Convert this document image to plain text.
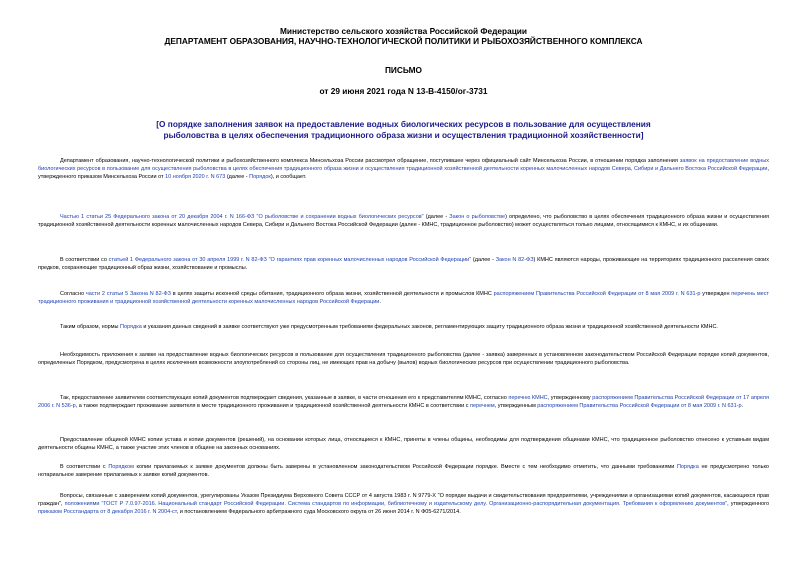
Министерство сельского хозяйства Российской Федерации
ДЕПАРТАМЕНТ ОБРАЗОВАНИЯ, НАУЧНО-ТЕХНОЛОГИЧЕСКОЙ ПОЛИТИКИ И РЫБОХОЗЯЙСТВЕННОГО КОМПЛЕКСА
ПИСЬМО
от 29 июня 2021 года N 13-В-4150/ог-3731
[О порядке заполнения заявок на предоставление водных биологических ресурсов в пользование для осуществления рыболовства в целях обеспечения традиционного образа жизни и осуществления традиционной хозяйственности]

Департамент образования, научно-технологической политики и рыбохозяйственного комплекса Минсельхоза России рассмотрел обращение, поступившее через официальный сайт Минсельхоза России, в отношении порядка заполнения заявок на предоставление водных биологических ресурсов в пользование для осуществления рыболовства в целях обеспечения традиционного образа жизни и осуществления традиционной хозяйственной деятельности коренных малочисленных народов Севера, Сибири и Дальнего Востока Российской Федерации, утвержденного приказом Минсельхоза России от 10 ноября 2020 г. N 673 (далее - Порядок), и сообщает.

Частью 1 статьи 25 Федерального закона от 20 декабря 2004 г. N 166-ФЗ "О рыболовстве и сохранении водных биологических ресурсов" (далее - Закон о рыболовстве) определено, что рыболовство в целях обеспечения традиционного образа жизни и осуществления традиционной хозяйственной деятельности коренных малочисленных народов Севера, Сибири и Дальнего Востока Российской Федерации (далее - КМНС, традиционное рыболовство) может осуществляться только лицами, относящимися к КМНС, и их общинами.

В соответствии со статьей 1 Федерального закона от 30 апреля 1999 г. N 82-ФЗ "О гарантиях прав коренных малочисленных народов Российской Федерации" (далее - Закон N 82-ФЗ) КМНС являются народы, проживающие на территориях традиционного расселения своих предков, сохраняющие традиционный образ жизни, хозяйствование и промыслы.

Согласно части 2 статьи 5 Закона N 82-ФЗ в целях защиты исконной среды обитания, традиционного образа жизни, хозяйственной деятельности и промыслов КМНС распоряжением Правительства Российской Федерации от 8 мая 2009 г. N 631-р утвержден перечень мест традиционного проживания и традиционной хозяйственной деятельности коренных малочисленных народов Российской Федерации.

Таким образом, нормы Порядка и указания данных сведений в заявке соответствуют уже предусмотренным требованиям федеральных законов, регламентирующих защиту традиционного образа жизни и традиционной хозяйственной деятельности КМНС.

Необходимость приложения к заявке на предоставление водных биологических ресурсов в пользование для осуществления традиционного рыболовства (далее - заявка) заверенных в установленном законодательством Российской Федерации порядке копий документов, определенных Порядком, предусмотрена в целях исключения возможности злоупотреблений со стороны лиц, не имеющих прав на добычу (вылов) водных биологических ресурсов при осуществлении традиционного рыболовства.

Так, предоставление заявителем соответствующих копий документов подтверждает сведения, указанные в заявке, в части отношения его к представителям КМНС, согласно перечню КМНС, утвержденному распоряжением Правительства Российской Федерации от 17 апреля 2006 г. N 536-р, а также подтверждает проживание заявителя в месте традиционного проживания и традиционной хозяйственной деятельности КМНС в соответствии с перечнем, утвержденным распоряжением Правительства Российской Федерации от 8 мая 2009 г. N 631-р.

Предоставление общиной КМНС копии устава и копии документов (решений), на основании которых лица, относящиеся к КМНС, приняты в члены общины, необходимы для подтверждения общинами КМНС, что традиционное рыболовство отнесено к уставным видам деятельности общины КМНС, а также участие этих членов в общине на законных основаниях.

В соответствии с Порядком копии прилагаемых к заявке документов должны быть заверены в установленном законодательством Российской Федерации порядке. Вместе с тем необходимо отметить, что данными требованиями Порядка не предусмотрено только нотариальное заверение прилагаемых к заявке копий документов.

Вопросы, связанные с заверением копий документов, урегулированы Указом Президиума Верховного Совета СССР от 4 августа 1983 г. N 9779-X "О порядке выдачи и свидетельствования предприятиями, учреждениями и организациями копий документов, касающихся прав граждан", положениями "ГОСТ Р 7.0.97-2016. Национальный стандарт Российской Федерации. Система стандартов по информации, библиотечному и издательскому делу. Организационно-распорядительная документация. Требования к оформлению документов", утвержденного приказом Росстандарта от 8 декабря 2016 г. N 2004-ст, и постановлением Федерального арбитражного суда Московского округа от 26 июня 2014 г. N Ф05-6271/2014.
